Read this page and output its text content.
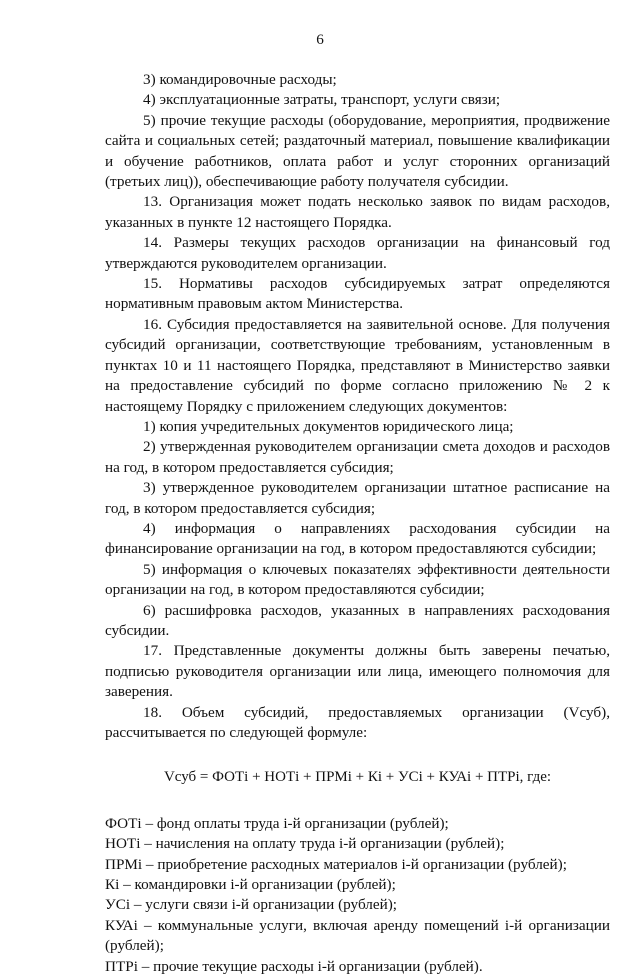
6

3) командировочные расходы;

4) эксплуатационные затраты, транспорт, услуги связи;

5) прочие текущие расходы (оборудование, мероприятия, продвижение сайта и социальных сетей; раздаточный материал, повышение квалификации и обучение работников, оплата работ и услуг сторонних организаций (третьих лиц)), обеспечивающие работу получателя субсидии.

13. Организация может подать несколько заявок по видам расходов, указанных в пункте 12 настоящего Порядка.

14. Размеры текущих расходов организации на финансовый год утверждаются руководителем организации.

15. Нормативы расходов субсидируемых затрат определяются нормативным правовым актом Министерства.

16. Субсидия предоставляется на заявительной основе. Для получения субсидий организации, соответствующие требованиям, установленным в пунктах 10 и 11 настоящего Порядка, представляют в Министерство заявки на предоставление субсидий по форме согласно приложению № 2 к настоящему Порядку с приложением следующих документов:

1) копия учредительных документов юридического лица;

2) утвержденная руководителем организации смета доходов и расходов на год, в котором предоставляется субсидия;

3) утвержденное руководителем организации штатное расписание на год, в котором предоставляется субсидия;

4) информация о направлениях расходования субсидии на финансирование организации на год, в котором предоставляются субсидии;

5) информация о ключевых показателях эффективности деятельности организации на год, в котором предоставляются субсидии;

6) расшифровка расходов, указанных в направлениях расходования субсидии.

17. Представленные документы должны быть заверены печатью, подписью руководителя организации или лица, имеющего полномочия для заверения.

18. Объем субсидий, предоставляемых организации (Vсуб), рассчитывается по следующей формуле:

Vсуб = ФОТi + НОТi + ПРМi + Кi + УСi + КУАi + ПТРi, где:

ФОТi – фонд оплаты труда i-й организации (рублей);

НОТi – начисления на оплату труда i-й организации (рублей);

ПРМi – приобретение расходных материалов i-й организации (рублей);

Кi – командировки i-й организации (рублей);

УСi – услуги связи i-й организации (рублей);

КУАi – коммунальные услуги, включая аренду помещений i-й организации (рублей);

ПТРi – прочие текущие расходы i-й организации (рублей).
